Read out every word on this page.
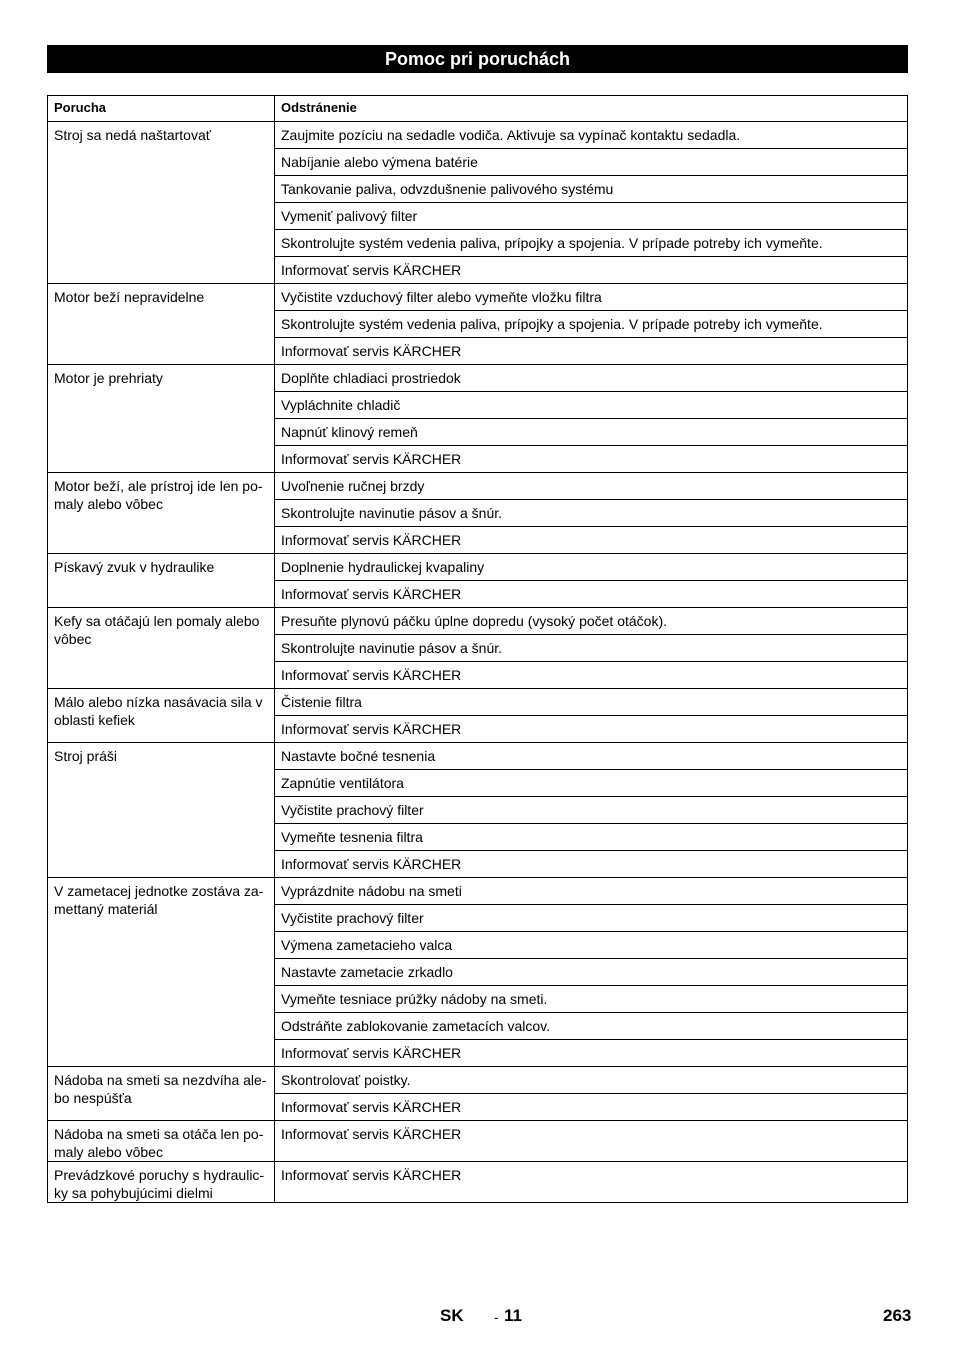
Pomoc pri poruchách
Porucha	Odstránenie
Stroj sa nedá naštartovať	Zaujmite pozíciu na sedadle vodiča. Aktivuje sa vypínač kontaktu sedadla.
	Nabíjanie alebo výmena batérie
	Tankovanie paliva, odvzdušnenie palivového systému
	Vymeniť palivový filter
	Skontrolujte systém vedenia paliva, prípojky a spojenia. V prípade potreby ich vymeňte.
	Informovať servis KÄRCHER
Motor beží nepravidelne	Vyčistite vzduchový filter alebo vymeňte vložku filtra
	Skontrolujte systém vedenia paliva, prípojky a spojenia. V prípade potreby ich vymeňte.
	Informovať servis KÄRCHER
Motor je prehriaty	Doplňte chladiaci prostriedok
	Vypláchnite chladič
	Napnúť klinový remeň
	Informovať servis KÄRCHER
Motor beží, ale prístroj ide len po-maly alebo vôbec	Uvoľnenie ručnej brzdy
	Skontrolujte navinutie pásov a šnúr.
	Informovať servis KÄRCHER
Pískavý zvuk v hydraulike	Doplnenie hydraulickej kvapaliny
	Informovať servis KÄRCHER
Kefy sa otáčajú len pomaly alebo vôbec	Presuňte plynovú páčku úplne dopredu (vysoký počet otáčok).
	Skontrolujte navinutie pásov a šnúr.
	Informovať servis KÄRCHER
Málo alebo nízka nasávacia sila v oblasti kefiek	Čistenie filtra
	Informovať servis KÄRCHER
Stroj práši	Nastavte bočné tesnenia
	Zapnútie ventilátora
	Vyčistite prachový filter
	Vymeňte tesnenia filtra
	Informovať servis KÄRCHER
V zametacej jednotke zostáva za-mettaný materiál	Vyprázdnite nádobu na smeti
	Vyčistite prachový filter
	Výmena zametacieho valca
	Nastavte zametacie zrkadlo
	Vymeňte tesniace prúžky nádoby na smeti.
	Odstráňte zablokovanie zametacích valcov.
	Informovať servis KÄRCHER
Nádoba na smeti sa nezdvíha ale-bo nespúšťa	Skontrolovať poistky.
	Informovať servis KÄRCHER
Nádoba na smeti sa otáča len po-maly alebo vôbec	Informovať servis KÄRCHER
Prevádzkové poruchy s hydraulic-ky sa pohybujúcimi dielmi	Informovať servis KÄRCHER
SK - 11	263
